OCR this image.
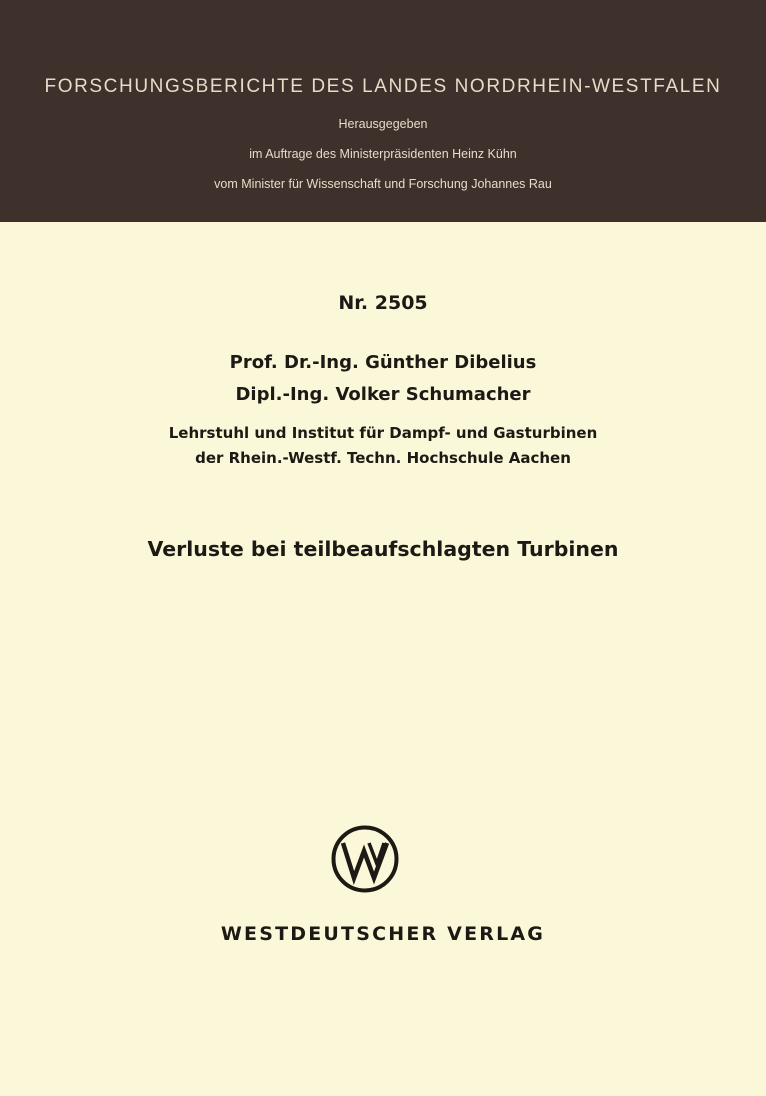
FORSCHUNGSBERICHTE DES LANDES NORDRHEIN-WESTFALEN
Herausgegeben
im Auftrage des Ministerpräsidenten Heinz Kühn
vom Minister für Wissenschaft und Forschung Johannes Rau
Nr. 2505
Prof. Dr.-Ing. Günther Dibelius
Dipl.-Ing. Volker Schumacher
Lehrstuhl und Institut für Dampf- und Gasturbinen
der Rhein.-Westf. Techn. Hochschule Aachen
Verluste bei teilbeaufschlagten Turbinen
WESTDEUTSCHER VERLAG
